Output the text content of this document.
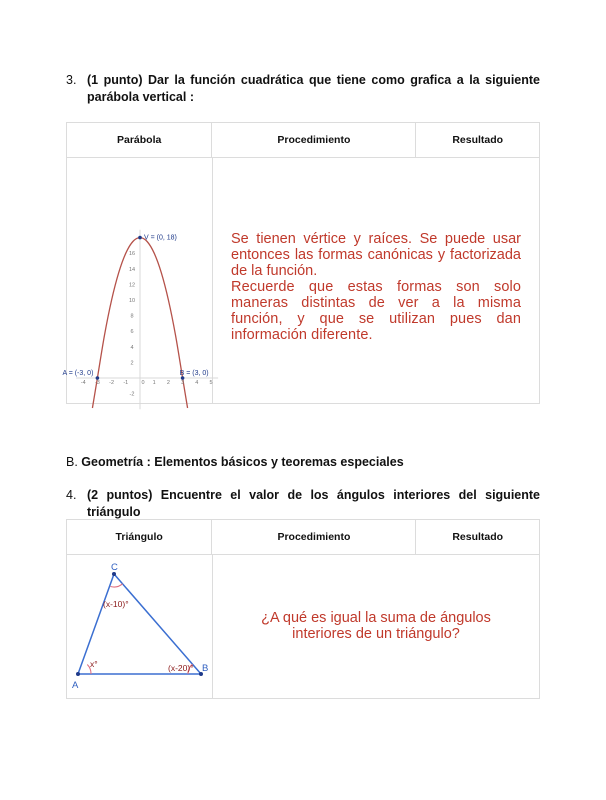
3. (1 punto) Dar la función cuadrática que tiene como grafica a la siguiente parábola vertical :
Parábola	Procedimiento	Resultado

-4 -3 -2 -1 0 1 2 3 4 5
-2
2
4
6
8
10
12
14
16
V = (0, 18)
A = (-3, 0)	B = (3, 0)
Se tienen vértice y raíces. Se puede usar entonces las formas canónicas y factorizada de la función.
Recuerde que estas formas son solo maneras distintas de ver a la misma función, y que se utilizan pues dan información diferente.
B. Geometría : Elementos básicos y teoremas especiales
4. (2 puntos) Encuentre el valor de los ángulos interiores del siguiente triángulo
Triángulo	Procedimiento	Resultado

A
B
C
x°	(x-20)°
(x-10)°
¿A qué es igual la suma de ángulos interiores de un triángulo?
